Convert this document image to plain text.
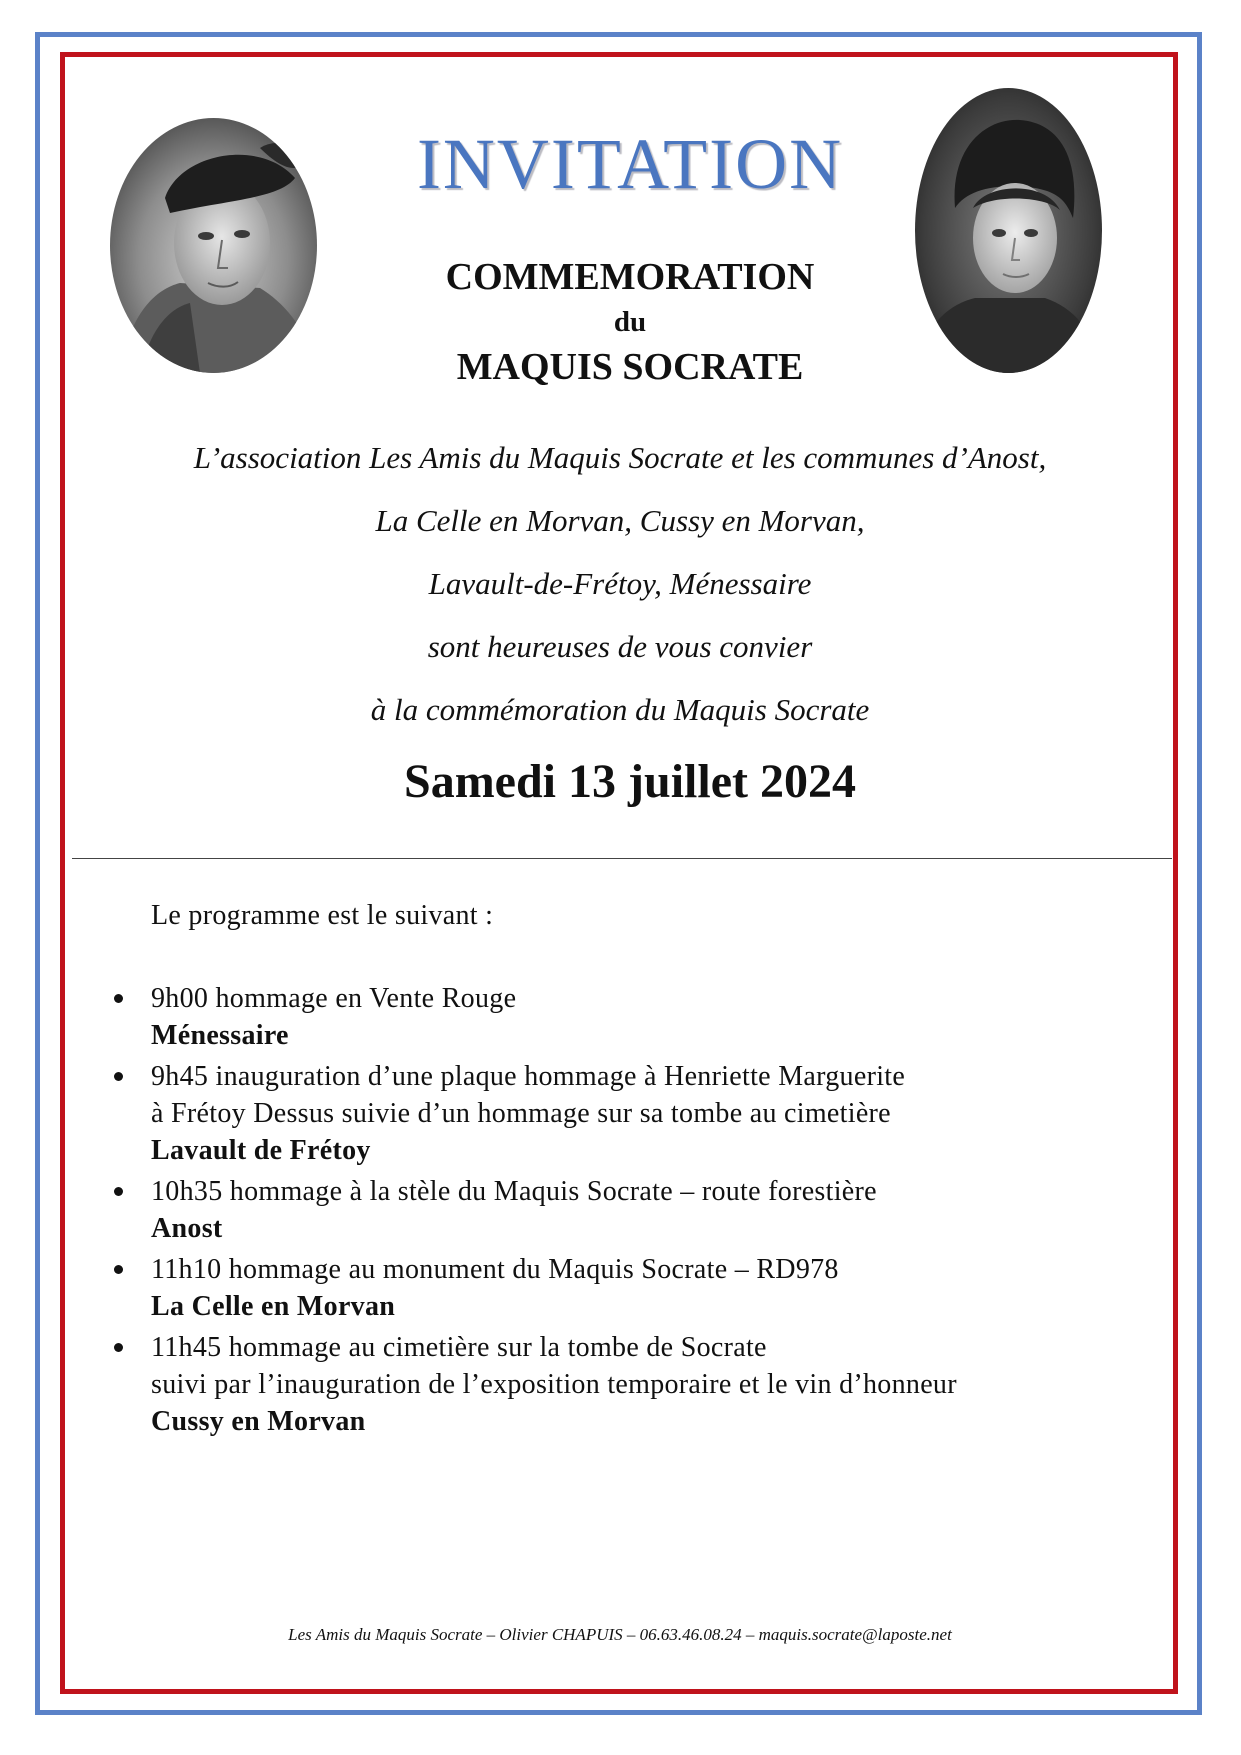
INVITATION
COMMEMORATION
du
MAQUIS SOCRATE
L’association Les Amis du Maquis Socrate et les communes d’Anost,
La Celle en Morvan, Cussy en Morvan,
Lavault-de-Frétoy, Ménessaire
sont heureuses de vous convier
à la commémoration du Maquis Socrate
Samedi 13 juillet 2024
Le programme est le suivant :
9h00 hommage en Vente Rouge
Ménessaire
9h45 inauguration d’une plaque hommage à Henriette Marguerite
à Frétoy Dessus suivie d’un hommage sur sa tombe au cimetière
Lavault de Frétoy
10h35 hommage à la stèle du Maquis Socrate – route forestière
Anost
11h10 hommage au monument du Maquis Socrate – RD978
La Celle en Morvan
11h45 hommage au cimetière sur la tombe de Socrate
suivi par l’inauguration de l’exposition temporaire et le vin d’honneur
Cussy en Morvan
Les Amis du Maquis Socrate – Olivier CHAPUIS – 06.63.46.08.24 – maquis.socrate@laposte.net
